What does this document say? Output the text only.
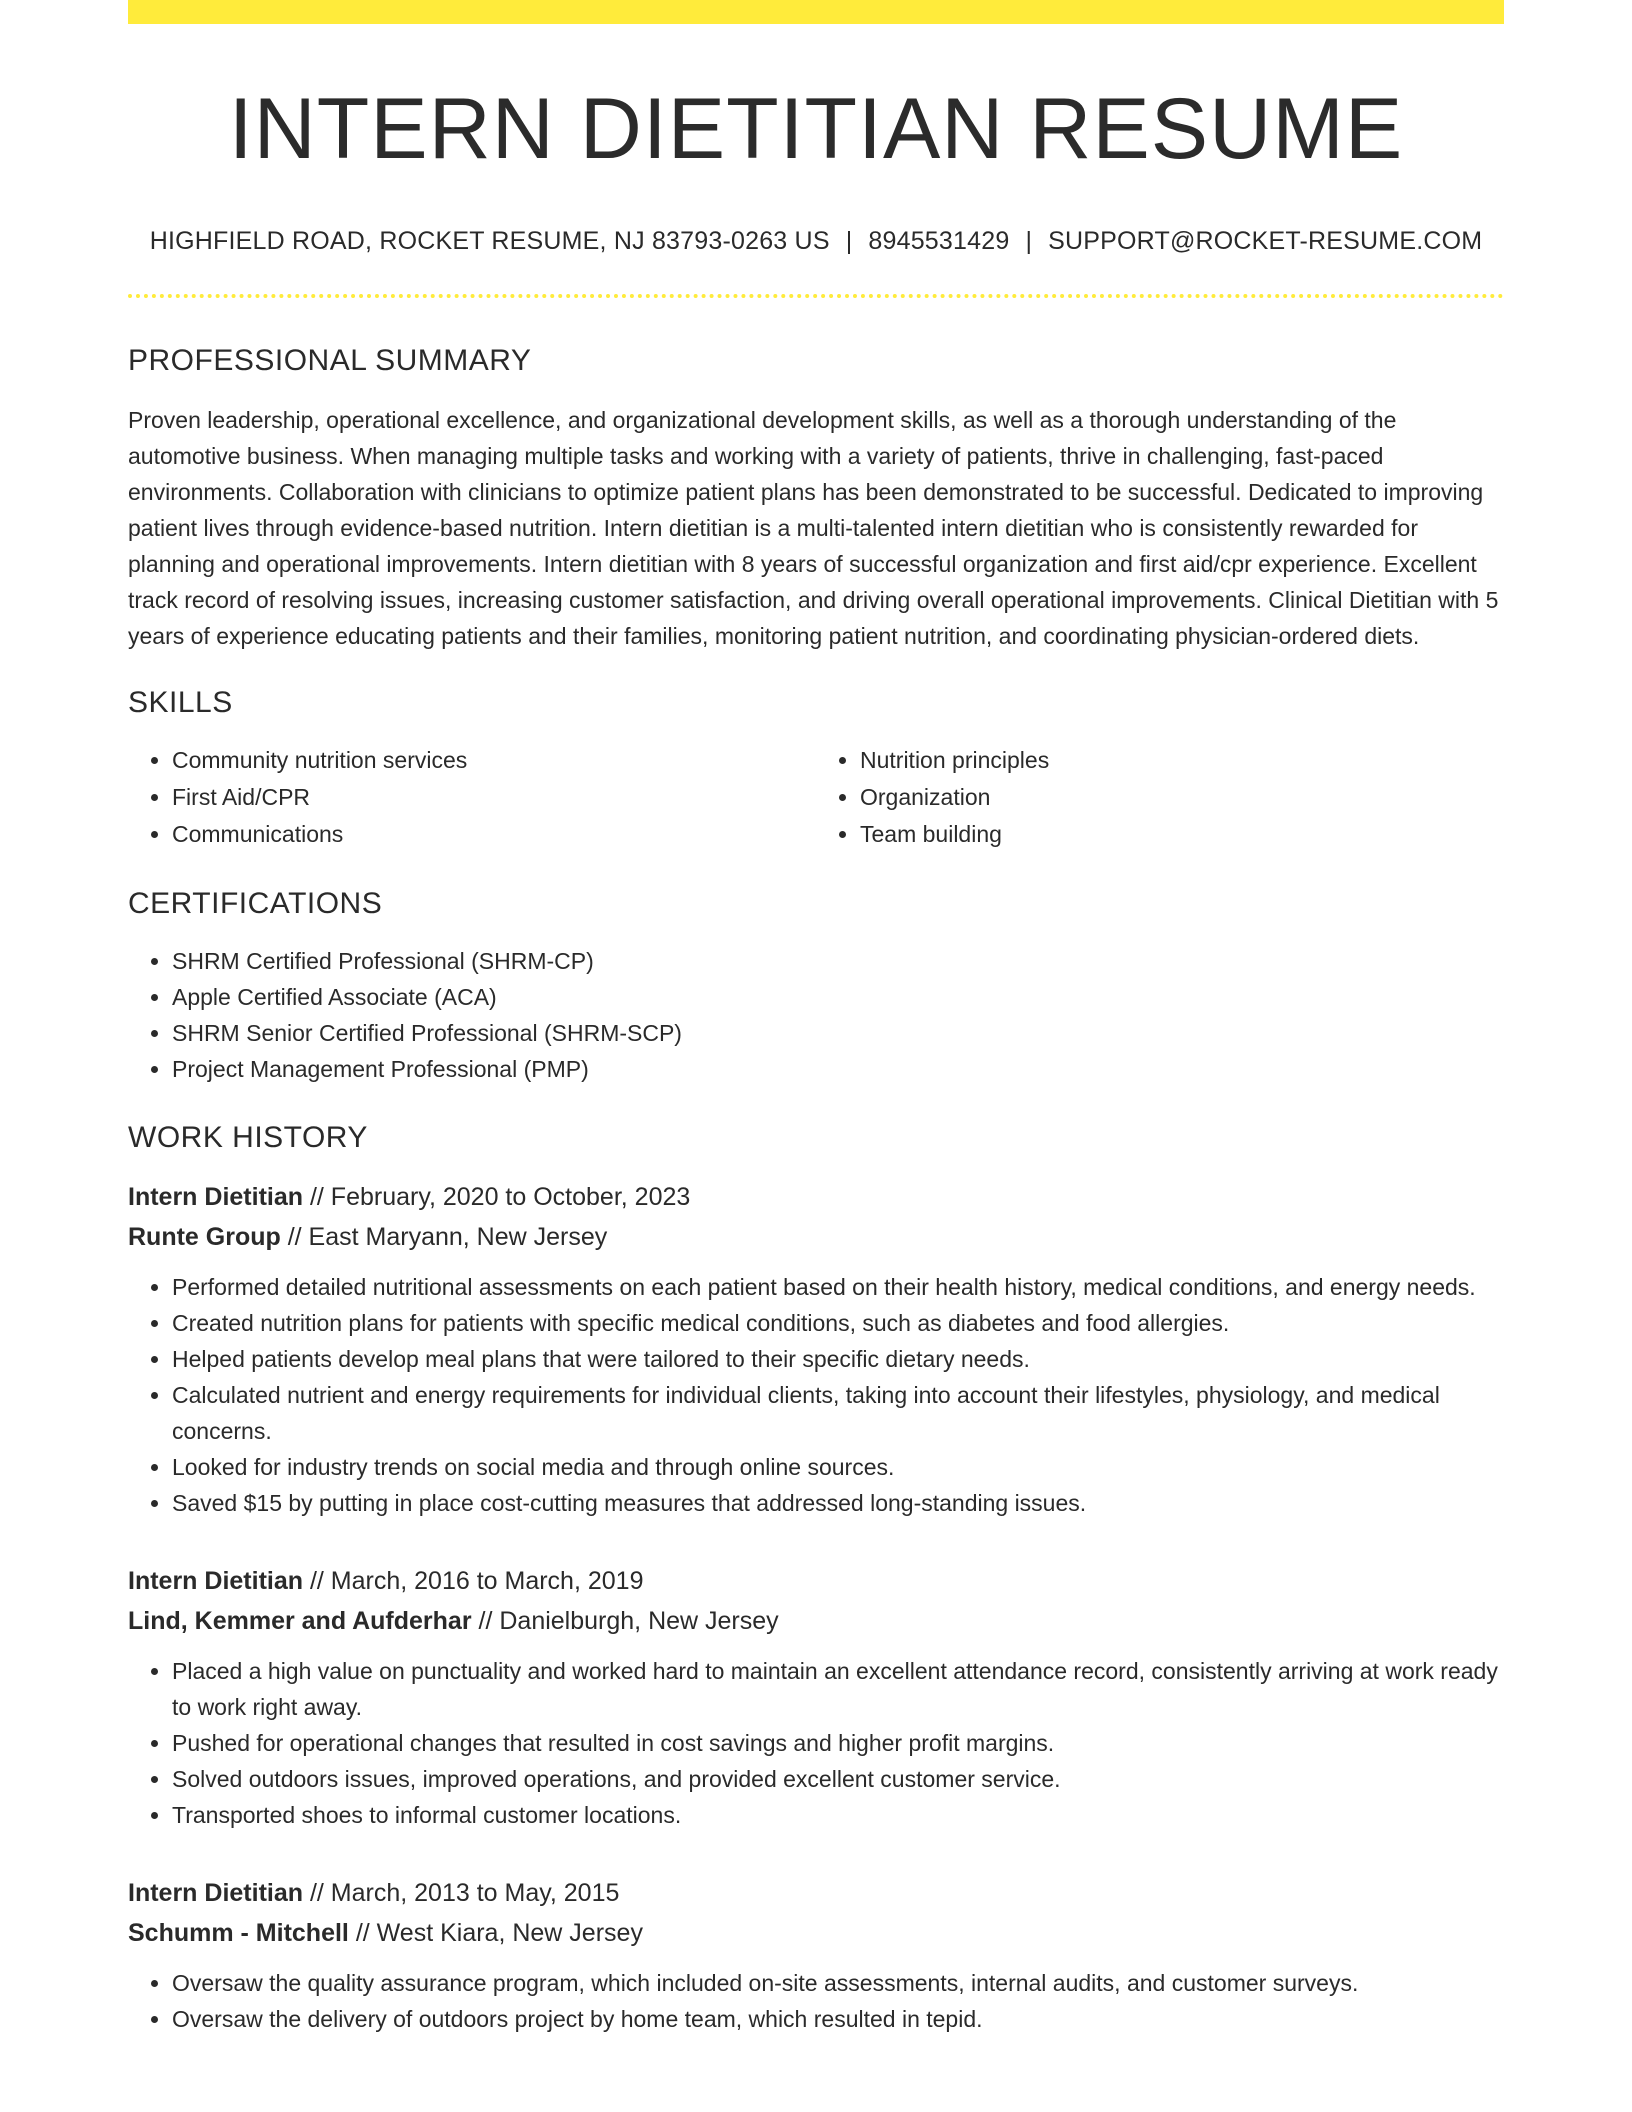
INTERN DIETITIAN RESUME
HIGHFIELD ROAD, ROCKET RESUME, NJ 83793-0263 US | 8945531429 | SUPPORT@ROCKET-RESUME.COM
PROFESSIONAL SUMMARY

Proven leadership, operational excellence, and organizational development skills, as well as a thorough understanding of the automotive business. When managing multiple tasks and working with a variety of patients, thrive in challenging, fast-paced environments. Collaboration with clinicians to optimize patient plans has been demonstrated to be successful. Dedicated to improving patient lives through evidence-based nutrition. Intern dietitian is a multi-talented intern dietitian who is consistently rewarded for planning and operational improvements. Intern dietitian with 8 years of successful organization and first aid/cpr experience. Excellent track record of resolving issues, increasing customer satisfaction, and driving overall operational improvements. Clinical Dietitian with 5 years of experience educating patients and their families, monitoring patient nutrition, and coordinating physician-ordered diets.

SKILLS
• Community nutrition services
• First Aid/CPR
• Communications
• Nutrition principles
• Organization
• Team building
CERTIFICATIONS
• SHRM Certified Professional (SHRM-CP)
• Apple Certified Associate (ACA)
• SHRM Senior Certified Professional (SHRM-SCP)
• Project Management Professional (PMP)
WORK HISTORY
Intern Dietitian // February, 2020 to October, 2023
Runte Group // East Maryann, New Jersey
• Performed detailed nutritional assessments on each patient based on their health history, medical conditions, and energy needs.
• Created nutrition plans for patients with specific medical conditions, such as diabetes and food allergies.
• Helped patients develop meal plans that were tailored to their specific dietary needs.
• Calculated nutrient and energy requirements for individual clients, taking into account their lifestyles, physiology, and medical concerns.
• Looked for industry trends on social media and through online sources.
• Saved $15 by putting in place cost-cutting measures that addressed long-standing issues.
Intern Dietitian // March, 2016 to March, 2019
Lind, Kemmer and Aufderhar // Danielburgh, New Jersey
• Placed a high value on punctuality and worked hard to maintain an excellent attendance record, consistently arriving at work ready to work right away.
• Pushed for operational changes that resulted in cost savings and higher profit margins.
• Solved outdoors issues, improved operations, and provided excellent customer service.
• Transported shoes to informal customer locations.
Intern Dietitian // March, 2013 to May, 2015
Schumm - Mitchell // West Kiara, New Jersey
• Oversaw the quality assurance program, which included on-site assessments, internal audits, and customer surveys.
• Oversaw the delivery of outdoors project by home team, which resulted in tepid.
